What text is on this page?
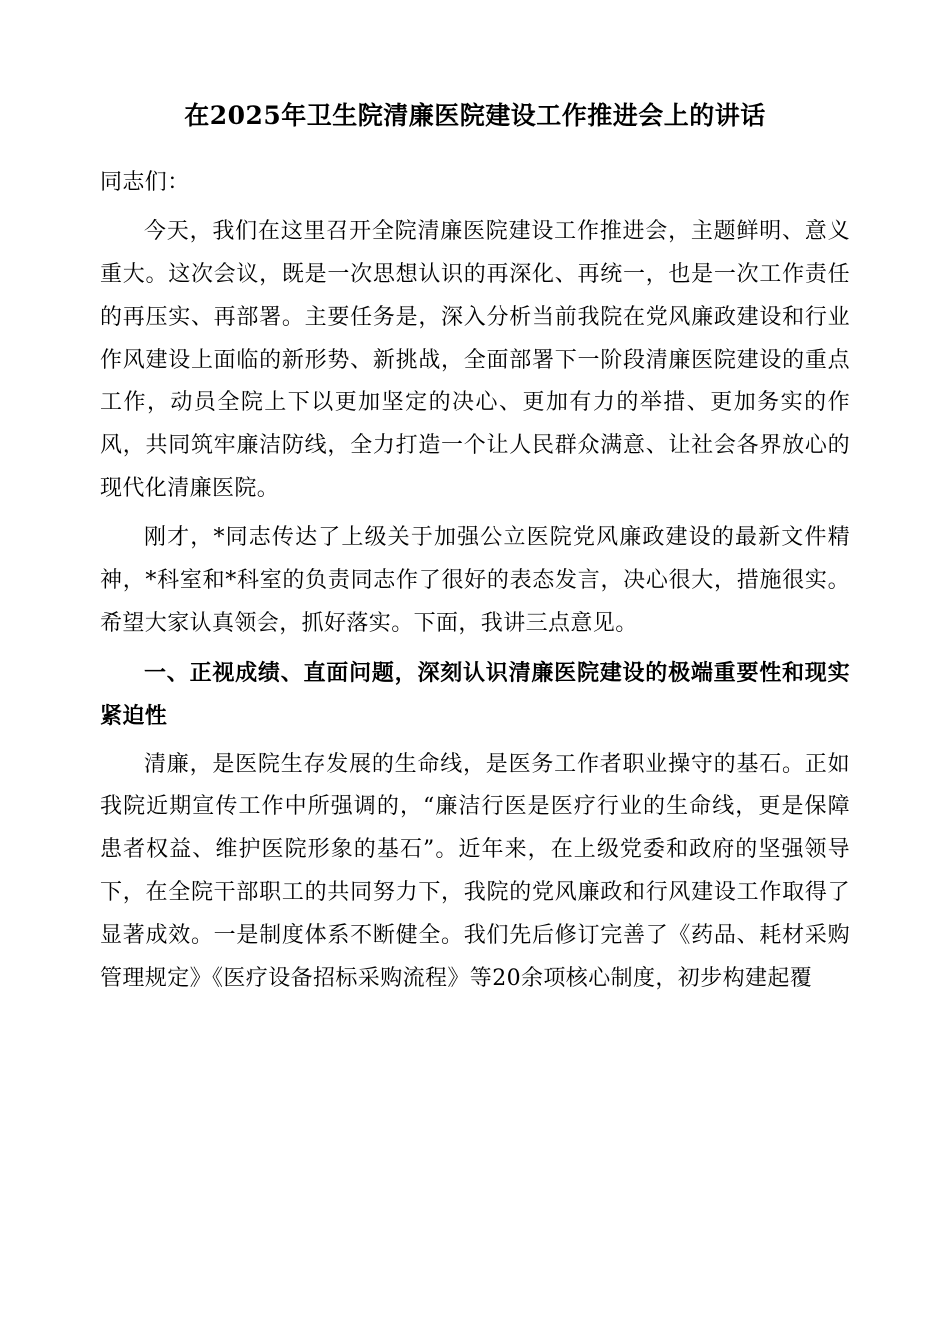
在2025年卫生院清廉医院建设工作推进会上的讲话

同志们：

今天，我们在这里召开全院清廉医院建设工作推进会，主题鲜明、意义重大。这次会议，既是一次思想认识的再深化、再统一，也是一次工作责任的再压实、再部署。主要任务是，深入分析当前我院在党风廉政建设和行业作风建设上面临的新形势、新挑战，全面部署下一阶段清廉医院建设的重点工作，动员全院上下以更加坚定的决心、更加有力的举措、更加务实的作风，共同筑牢廉洁防线，全力打造一个让人民群众满意、让社会各界放心的现代化清廉医院。

刚才，*同志传达了上级关于加强公立医院党风廉政建设的最新文件精神，*科室和*科室的负责同志作了很好的表态发言，决心很大，措施很实。希望大家认真领会，抓好落实。下面，我讲三点意见。

一、正视成绩、直面问题，深刻认识清廉医院建设的极端重要性和现实紧迫性

清廉，是医院生存发展的生命线，是医务工作者职业操守的基石。正如我院近期宣传工作中所强调的，“廉洁行医是医疗行业的生命线，更是保障患者权益、维护医院形象的基石”。近年来，在上级党委和政府的坚强领导下，在全院干部职工的共同努力下，我院的党风廉政和行风建设工作取得了显著成效。一是制度体系不断健全。我们先后修订完善了《药品、耗材采购管理规定》《医疗设备招标采购流程》等20余项核心制度，初步构建起覆
